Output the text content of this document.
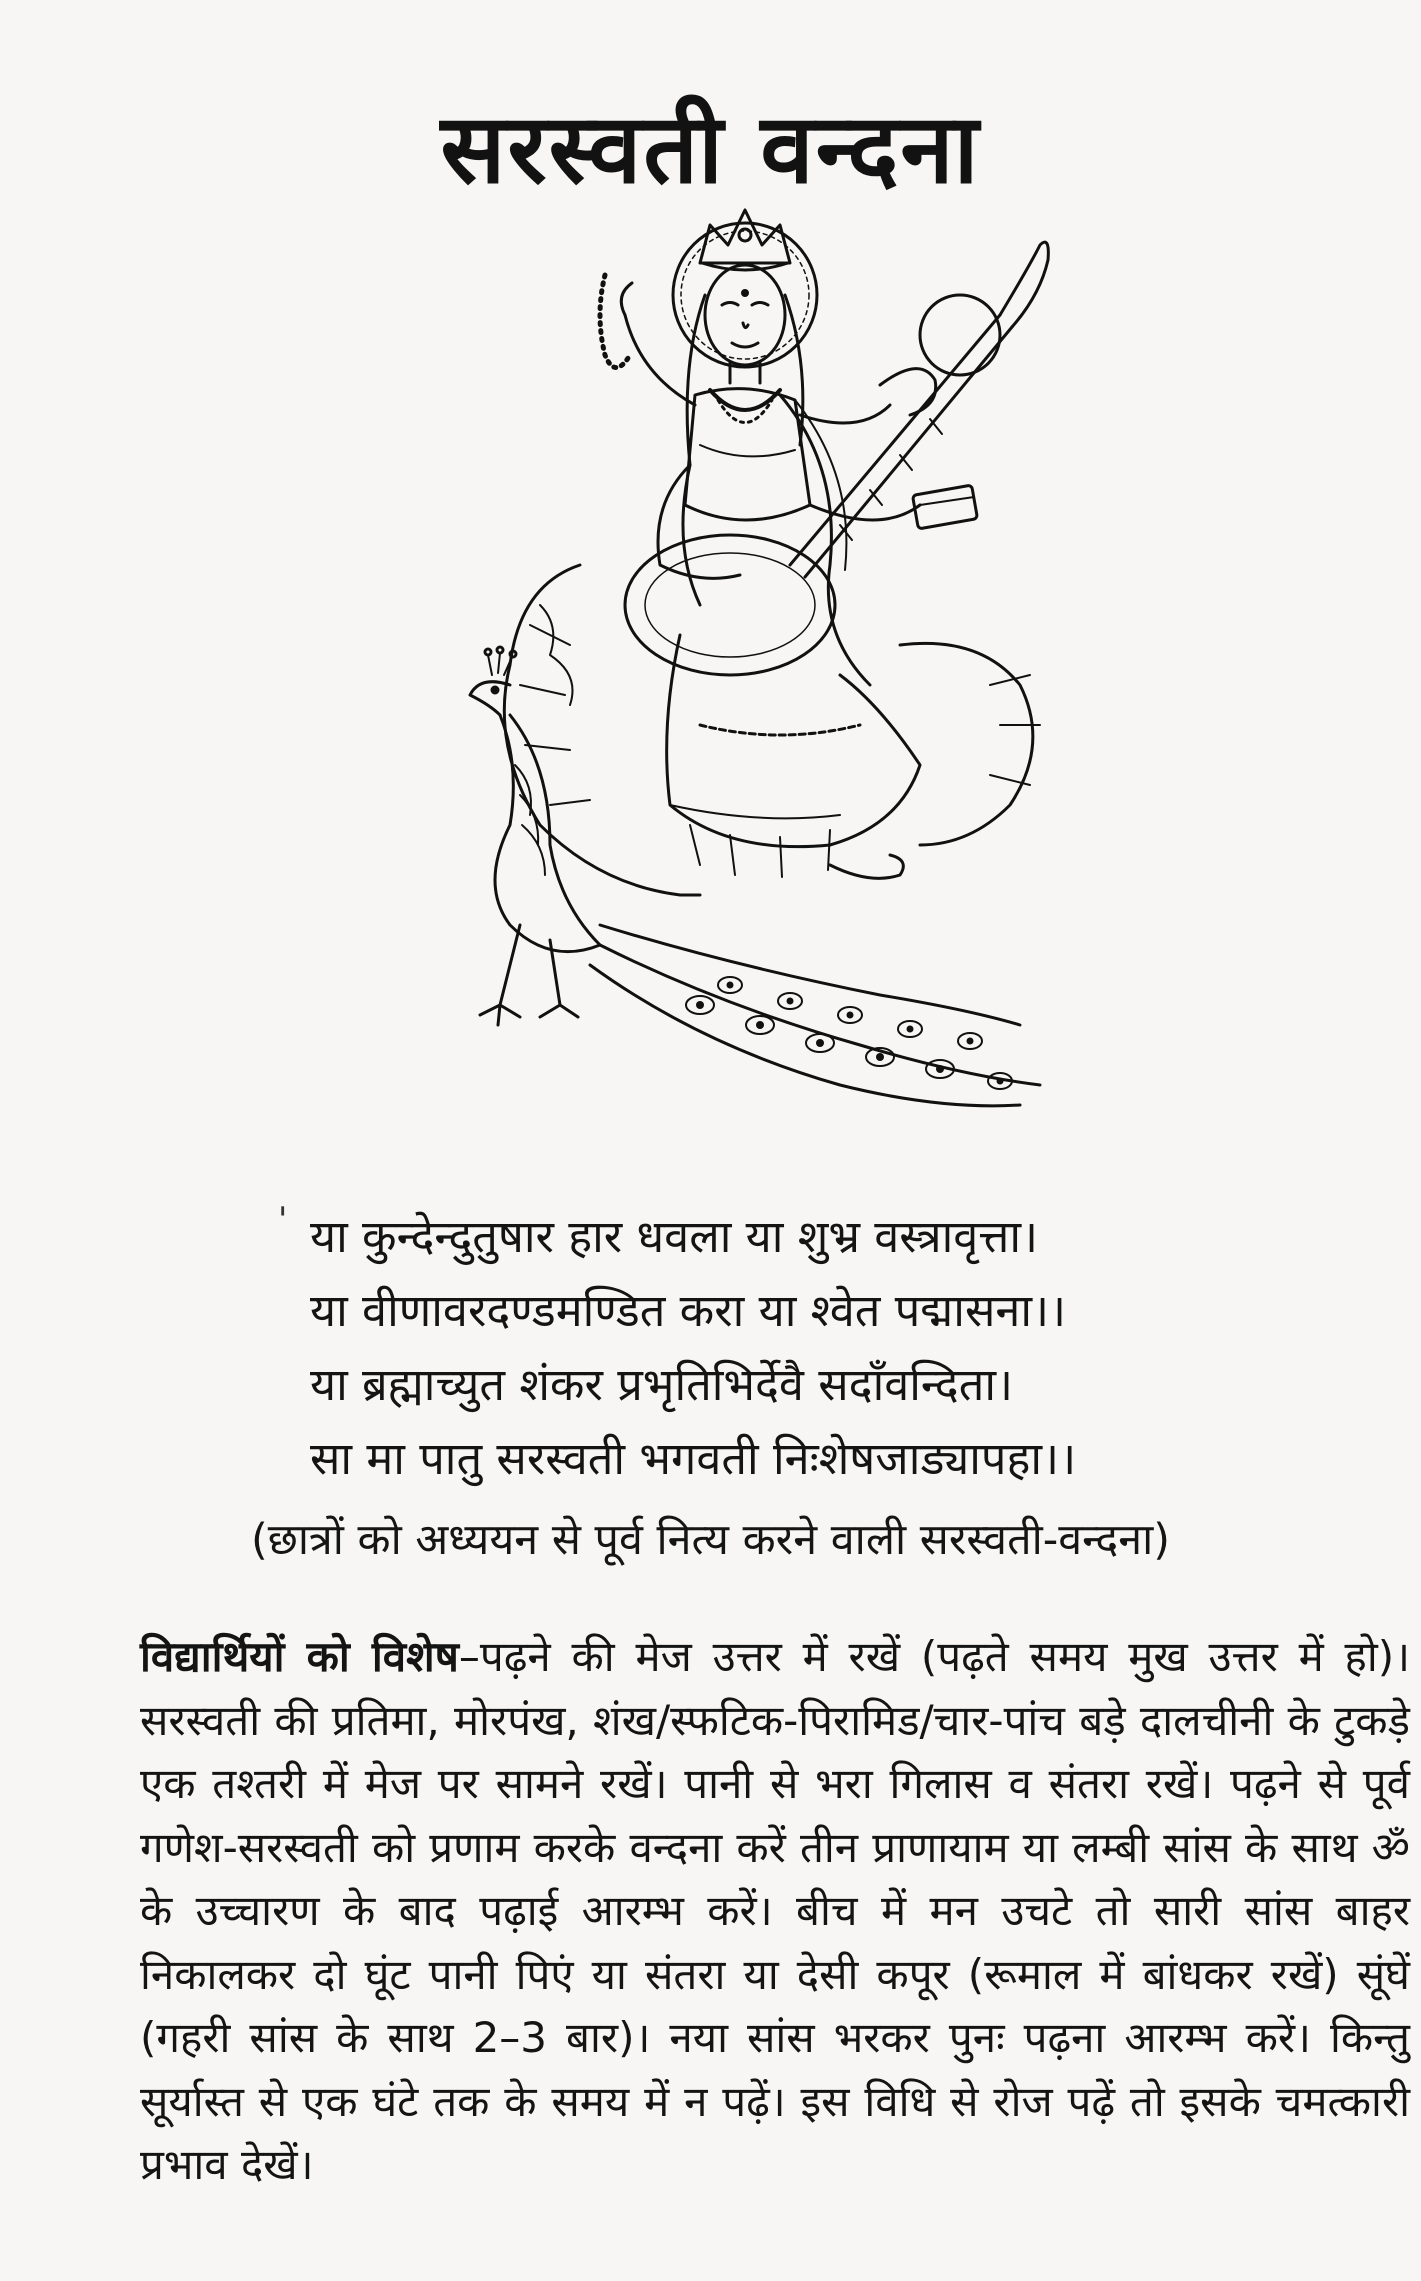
सरस्वती वन्दना
' या कुन्देन्दुतुषार हार धवला या शुभ्र वस्त्रावृत्ता।
या वीणावरदण्डमण्डित करा या श्वेत पद्मासना।।
या ब्रह्माच्युत शंकर प्रभृतिभिर्देवै सदाँवन्दिता।
सा मा पातु सरस्वती भगवती निःशेषजाड्यापहा।।
(छात्रों को अध्ययन से पूर्व नित्य करने वाली सरस्वती-वन्दना)
विद्यार्थियों को विशेष–पढ़ने की मेज उत्तर में रखें (पढ़ते समय मुख उत्तर में हो)। सरस्वती की प्रतिमा, मोरपंख, शंख/स्फटिक-पिरामिड/चार-पांच बड़े दालचीनी के टुकड़े एक तश्तरी में मेज पर सामने रखें। पानी से भरा गिलास व संतरा रखें। पढ़ने से पूर्व गणेश-सरस्वती को प्रणाम करके वन्दना करें तीन प्राणायाम या लम्बी सांस के साथ ॐ के उच्चारण के बाद पढ़ाई आरम्भ करें। बीच में मन उचटे तो सारी सांस बाहर निकालकर दो घूंट पानी पिएं या संतरा या देसी कपूर (रूमाल में बांधकर रखें) सूंघें (गहरी सांस के साथ 2–3 बार)। नया सांस भरकर पुनः पढ़ना आरम्भ करें। किन्तु सूर्यास्त से एक घंटे तक के समय में न पढ़ें। इस विधि से रोज पढ़ें तो इसके चमत्कारी प्रभाव देखें।
